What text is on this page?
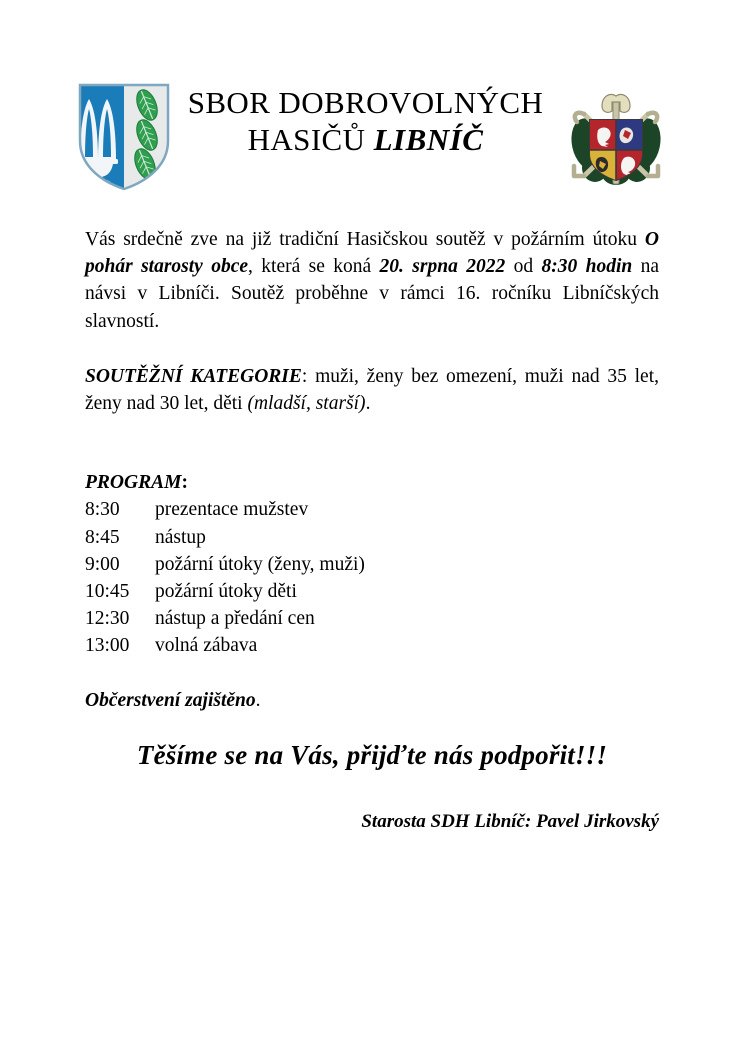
SBOR DOBROVOLNÝCH
HASIČŮ LIBNÍČ

Vás srdečně zve na již tradiční Hasičskou soutěž v požárním útoku O pohár starosty obce, která se koná 20. srpna 2022 od 8:30 hodin na návsi v Libníči. Soutěž proběhne v rámci 16. ročníku Libníčských slavností.

SOUTĚŽNÍ KATEGORIE: muži, ženy bez omezení, muži nad 35 let, ženy nad 30 let, děti (mladší, starší).

PROGRAM:
8:30	prezentace mužstev
8:45	nástup
9:00	požární útoky (ženy, muži)
10:45	požární útoky děti
12:30	nástup a předání cen
13:00	volná zábava
Občerstvení zajištěno.
Těšíme se na Vás, přijďte nás podpořit!!!
Starosta SDH Libníč: Pavel Jirkovský
